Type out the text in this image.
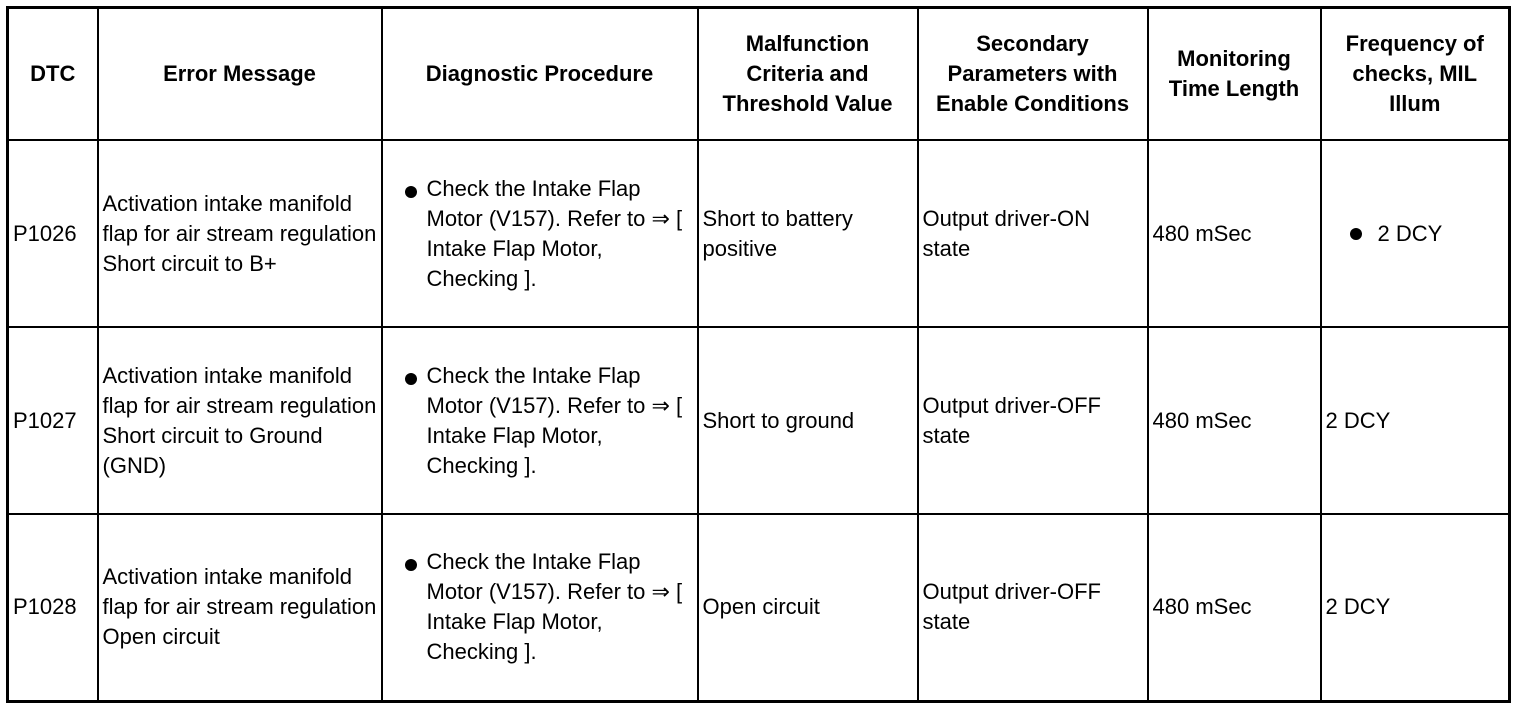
DTC	Error Message	Diagnostic Procedure	Malfunction Criteria and Threshold Value	Secondary Parameters with Enable Conditions	Monitoring Time Length	Frequency of checks, MIL Illum
P1026	Activation intake manifold flap for air stream regulation Short circuit to B+	Check the Intake Flap Motor (V157). Refer to ⇒ [ Intake Flap Motor, Checking ].	Short to battery positive	Output driver-ON state	480 mSec	2 DCY

P1027	Activation intake manifold flap for air stream regulation Short circuit to Ground (GND)	Check the Intake Flap Motor (V157). Refer to ⇒ [ Intake Flap Motor, Checking ].	Short to ground	Output driver-OFF state	480 mSec	2 DCY
P1028	Activation intake manifold flap for air stream regulation Open circuit	Check the Intake Flap Motor (V157). Refer to ⇒ [ Intake Flap Motor, Checking ].	Open circuit	Output driver-OFF state	480 mSec	2 DCY
